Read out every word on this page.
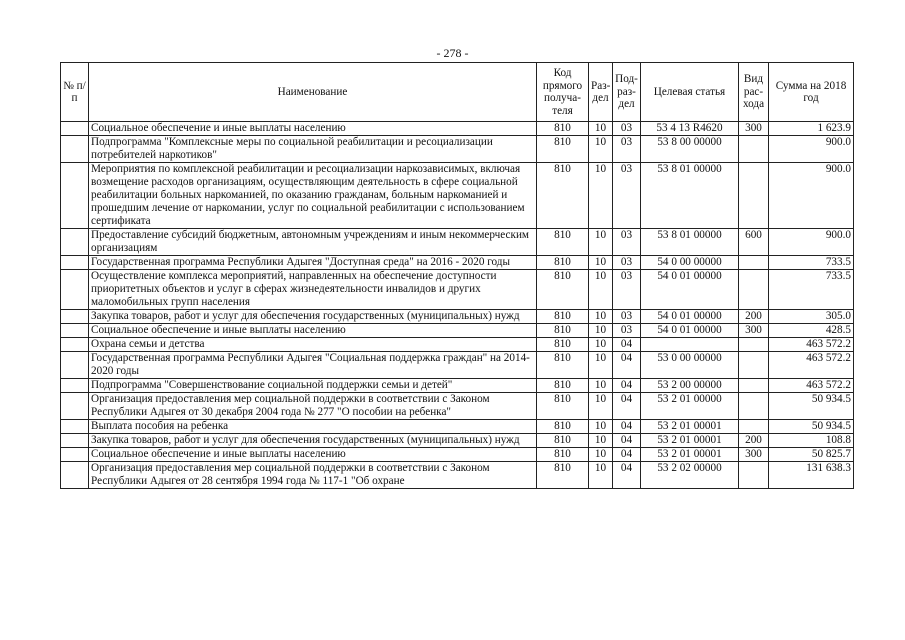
- 278 -
№ п/п	Наименование	Код прямого получа-теля	Раз-дел	Под-раз-дел	Целевая статья	Вид рас-хода	Сумма на 2018 год
	Социальное обеспечение и иные выплаты населению	810	10	03	53 4 13 R4620	300	1 623.9
	Подпрограмма "Комплексные меры по социальной реабилитации и ресоциализации потребителей наркотиков"	810	10	03	53 8 00 00000		900.0
	Мероприятия по комплексной реабилитации и ресоциализации наркозависимых, включая возмещение расходов организациям, осуществляющим деятельность в сфере социальной реабилитации больных наркоманией, по оказанию гражданам, больным наркоманией и прошедшим лечение от наркомании, услуг по социальной реабилитации с использованием сертификата	810	10	03	53 8 01 00000		900.0
	Предоставление субсидий бюджетным, автономным учреждениям и иным некоммерческим организациям	810	10	03	53 8 01 00000	600	900.0
	Государственная программа Республики Адыгея "Доступная среда" на 2016 - 2020 годы	810	10	03	54 0 00 00000		733.5
	Осуществление комплекса мероприятий, направленных на обеспечение доступности приоритетных объектов и услуг в сферах жизнедеятельности инвалидов и других маломобильных групп населения	810	10	03	54 0 01 00000		733.5
	Закупка товаров, работ и услуг для обеспечения государственных (муниципальных) нужд	810	10	03	54 0 01 00000	200	305.0
	Социальное обеспечение и иные выплаты населению	810	10	03	54 0 01 00000	300	428.5
	Охрана семьи и детства	810	10	04			463 572.2
	Государственная программа Республики Адыгея "Социальная поддержка граждан" на 2014-2020 годы	810	10	04	53 0 00 00000		463 572.2
	Подпрограмма "Совершенствование социальной поддержки семьи и детей"	810	10	04	53 2 00 00000		463 572.2
	Организация предоставления мер социальной поддержки в соответствии с Законом Республики Адыгея от 30 декабря 2004 года № 277 "О пособии на ребенка"	810	10	04	53 2 01 00000		50 934.5
	Выплата пособия на ребенка	810	10	04	53 2 01 00001		50 934.5
	Закупка товаров, работ и услуг для обеспечения государственных (муниципальных) нужд	810	10	04	53 2 01 00001	200	108.8
	Социальное обеспечение и иные выплаты населению	810	10	04	53 2 01 00001	300	50 825.7
	Организация предоставления мер социальной поддержки в соответствии с Законом Республики Адыгея от 28 сентября 1994 года № 117-1 "Об охране	810	10	04	53 2 02 00000		131 638.3
